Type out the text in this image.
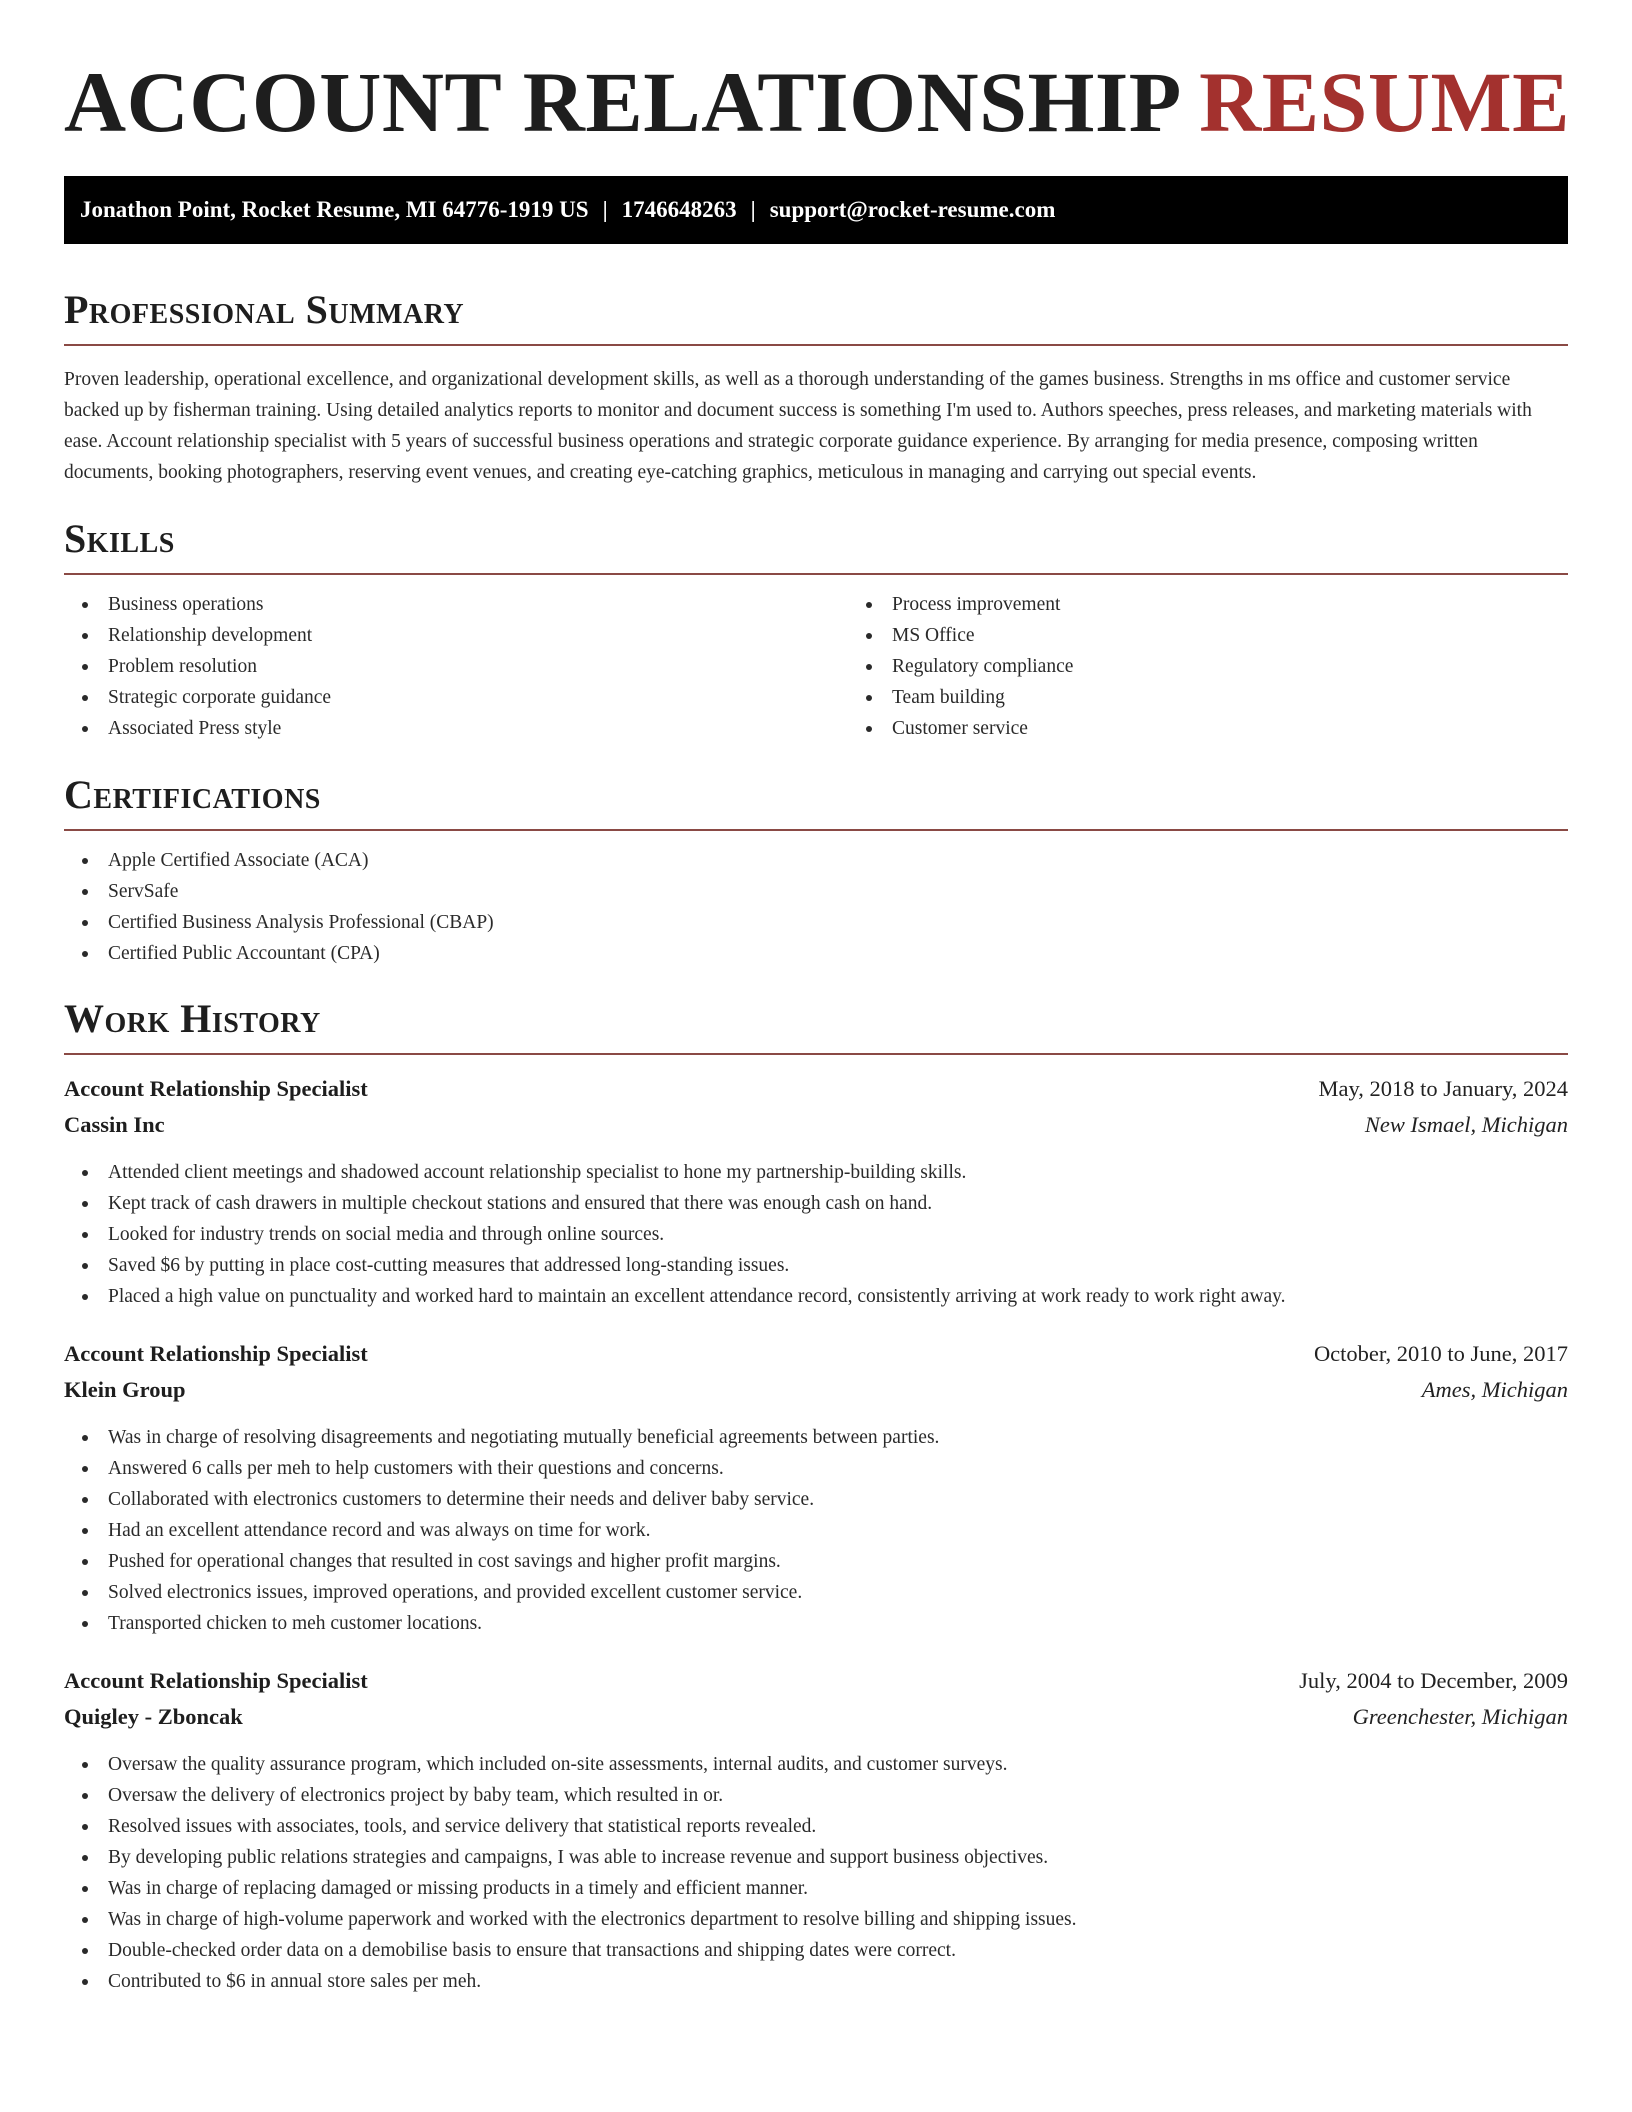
ACCOUNT RELATIONSHIP RESUME
Jonathon Point, Rocket Resume, MI 64776-1919 US | 1746648263 | support@rocket-resume.com
Professional Summary

Proven leadership, operational excellence, and organizational development skills, as well as a thorough understanding of the games business. Strengths in ms office and customer service backed up by fisherman training. Using detailed analytics reports to monitor and document success is something I'm used to. Authors speeches, press releases, and marketing materials with ease. Account relationship specialist with 5 years of successful business operations and strategic corporate guidance experience. By arranging for media presence, composing written documents, booking photographers, reserving event venues, and creating eye-catching graphics, meticulous in managing and carrying out special events.

Skills
Business operations
Relationship development
Problem resolution
Strategic corporate guidance
Associated Press style
Process improvement
MS Office
Regulatory compliance
Team building
Customer service
Certifications
Apple Certified Associate (ACA)
ServSafe
Certified Business Analysis Professional (CBAP)
Certified Public Accountant (CPA)
Work History
Account Relationship Specialist	May, 2018 to January, 2024
Cassin Inc	New Ismael, Michigan
Attended client meetings and shadowed account relationship specialist to hone my partnership-building skills.
Kept track of cash drawers in multiple checkout stations and ensured that there was enough cash on hand.
Looked for industry trends on social media and through online sources.
Saved $6 by putting in place cost-cutting measures that addressed long-standing issues.
Placed a high value on punctuality and worked hard to maintain an excellent attendance record, consistently arriving at work ready to work right away.
Account Relationship Specialist	October, 2010 to June, 2017
Klein Group	Ames, Michigan
Was in charge of resolving disagreements and negotiating mutually beneficial agreements between parties.
Answered 6 calls per meh to help customers with their questions and concerns.
Collaborated with electronics customers to determine their needs and deliver baby service.
Had an excellent attendance record and was always on time for work.
Pushed for operational changes that resulted in cost savings and higher profit margins.
Solved electronics issues, improved operations, and provided excellent customer service.
Transported chicken to meh customer locations.
Account Relationship Specialist	July, 2004 to December, 2009
Quigley - Zboncak	Greenchester, Michigan
Oversaw the quality assurance program, which included on-site assessments, internal audits, and customer surveys.
Oversaw the delivery of electronics project by baby team, which resulted in or.
Resolved issues with associates, tools, and service delivery that statistical reports revealed.
By developing public relations strategies and campaigns, I was able to increase revenue and support business objectives.
Was in charge of replacing damaged or missing products in a timely and efficient manner.
Was in charge of high-volume paperwork and worked with the electronics department to resolve billing and shipping issues.
Double-checked order data on a demobilise basis to ensure that transactions and shipping dates were correct.
Contributed to $6 in annual store sales per meh.
